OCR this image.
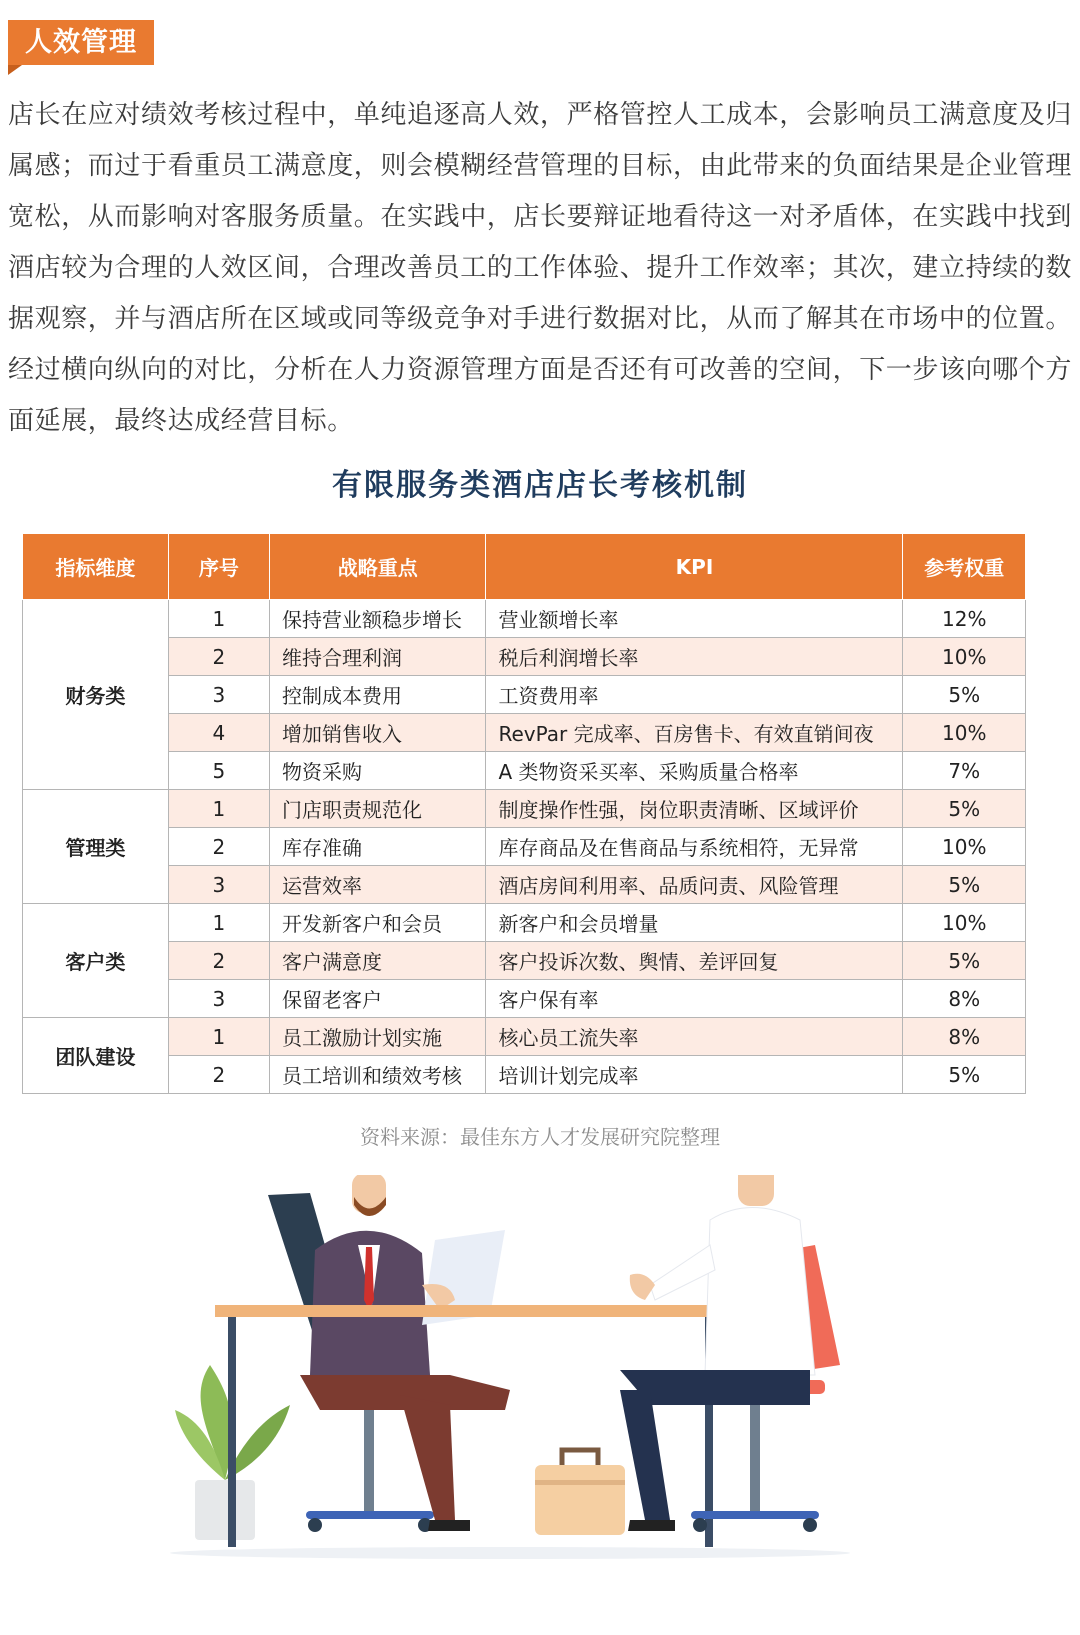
人效管理

店长在应对绩效考核过程中，单纯追逐高人效，严格管控人工成本，会影响员工满意度及归属感；而过于看重员工满意度，则会模糊经营管理的目标，由此带来的负面结果是企业管理宽松，从而影响对客服务质量。在实践中，店长要辩证地看待这一对矛盾体，在实践中找到酒店较为合理的人效区间，合理改善员工的工作体验、提升工作效率；其次，建立持续的数据观察，并与酒店所在区域或同等级竞争对手进行数据对比，从而了解其在市场中的位置。经过横向纵向的对比，分析在人力资源管理方面是否还有可改善的空间，下一步该向哪个方面延展，最终达成经营目标。

有限服务类酒店店长考核机制
指标维度	序号	战略重点	KPI	参考权重
财务类	1	保持营业额稳步增长	营业额增长率	12%
	2	维持合理利润	税后利润增长率	10%
	3	控制成本费用	工资费用率	5%
	4	增加销售收入	RevPar 完成率、百房售卡、有效直销间夜	10%
	5	物资采购	A 类物资采买率、采购质量合格率	7%
管理类	1	门店职责规范化	制度操作性强，岗位职责清晰、区域评价	5%
	2	库存准确	库存商品及在售商品与系统相符，无异常	10%
	3	运营效率	酒店房间利用率、品质问责、风险管理	5%
客户类	1	开发新客户和会员	新客户和会员增量	10%
	2	客户满意度	客户投诉次数、舆情、差评回复	5%
	3	保留老客户	客户保有率	8%
团队建设	1	员工激励计划实施	核心员工流失率	8%
	2	员工培训和绩效考核	培训计划完成率	5%
资料来源：最佳东方人才发展研究院整理
